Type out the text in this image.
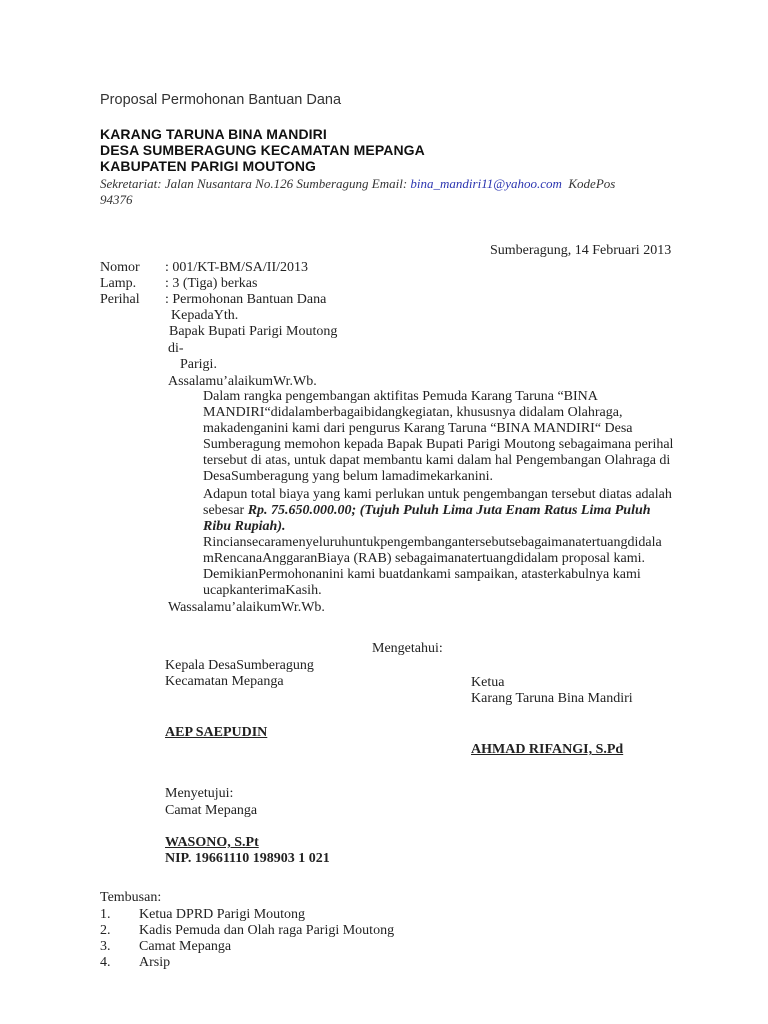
Proposal Permohonan Bantuan Dana
KARANG TARUNA BINA MANDIRI
DESA SUMBERAGUNG KECAMATAN MEPANGA
KABUPATEN PARIGI MOUTONG
Sekretariat: Jalan Nusantara No.126 Sumberagung Email: bina_mandiri11@yahoo.com KodePos
94376
Sumberagung, 14 Februari 2013
Nomor : 001/KT-BM/SA/II/2013
Lamp. : 3 (Tiga) berkas
Perihal : Permohonan Bantuan Dana
KepadaYth.
Bapak Bupati Parigi Moutong
di-
Parigi.
Assalamu’alaikumWr.Wb.
Dalam rangka pengembangan aktifitas Pemuda Karang Taruna “BINA MANDIRI“didalamberbagaibidangkegiatan, khususnya didalam Olahraga, makadenganini kami dari pengurus Karang Taruna “BINA MANDIRI“ Desa Sumberagung memohon kepada Bapak Bupati Parigi Moutong sebagaimana perihal tersebut di atas, untuk dapat membantu kami dalam hal Pengembangan Olahraga di DesaSumberagung yang belum lamadimekarkanini.
Adapun total biaya yang kami perlukan untuk pengembangan tersebut diatas adalah sebesar Rp. 75.650.000.00; (Tujuh Puluh Lima Juta Enam Ratus Lima Puluh Ribu Rupiah).
Rinciansecaramenyeluruhuntukpengembangantersebutsebagaimanatertuangdidala
mRencanaAnggaranBiaya (RAB) sebagaimanatertuangdidalam proposal kami.
DemikianPermohonanini kami buatdankami sampaikan, atasterkabulnya kami ucapkanterimaKasih.
Wassalamu’alaikumWr.Wb.
Mengetahui:
Kepala DesaSumberagung
Kecamatan Mepanga	Ketua
Karang Taruna Bina Mandiri
AEP SAEPUDIN
AHMAD RIFANGI, S.Pd
Menyetujui:
Camat Mepanga
WASONO, S.Pt
NIP. 19661110 198903 1 021
Tembusan:
1. Ketua DPRD Parigi Moutong
2. Kadis Pemuda dan Olah raga Parigi Moutong
3. Camat Mepanga
4. Arsip
